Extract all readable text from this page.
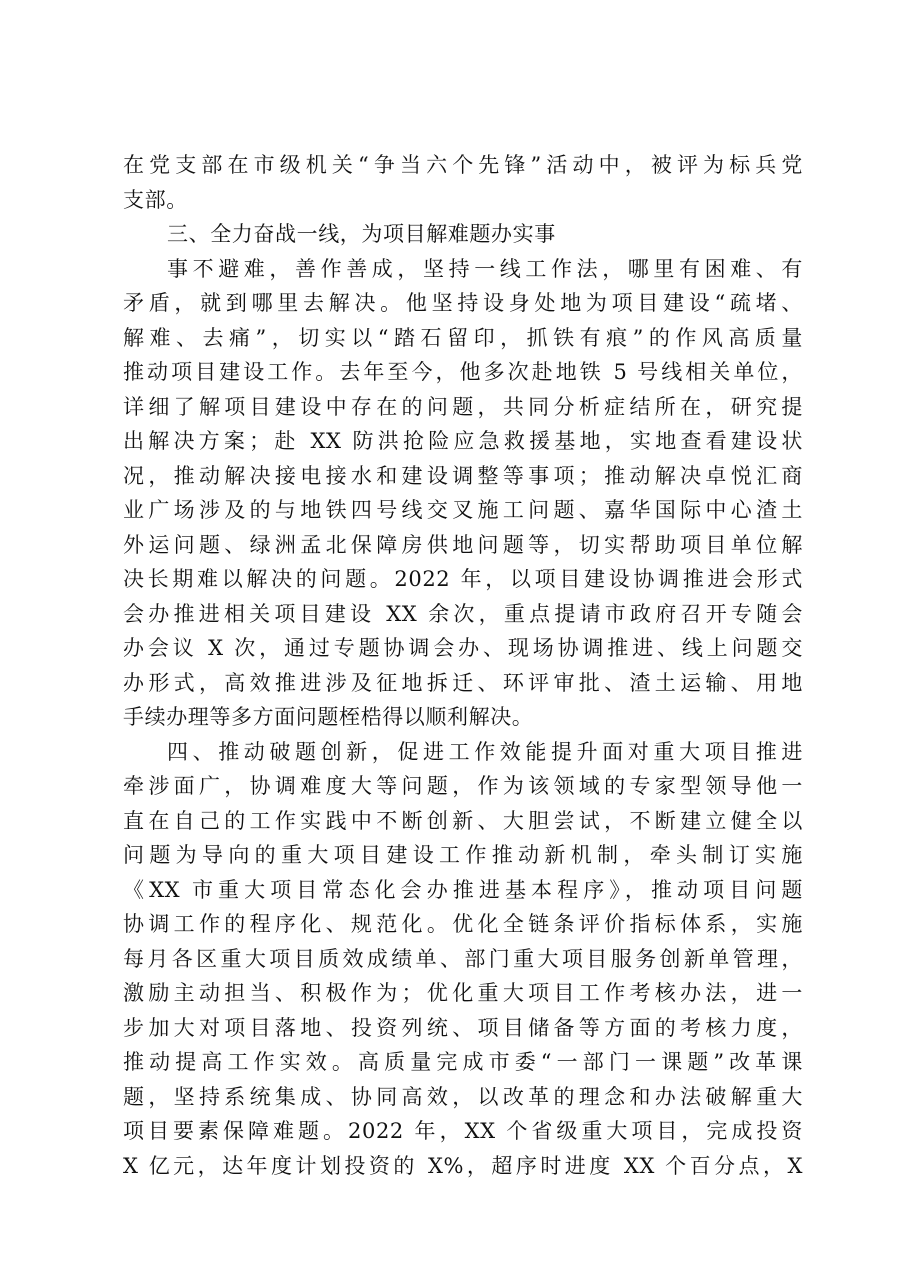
在党支部在市级机关“争当六个先锋”活动中，被评为标兵党
支部。
三、全力奋战一线，为项目解难题办实事
事不避难，善作善成，坚持一线工作法，哪里有困难、有
矛盾，就到哪里去解决。他坚持设身处地为项目建设“疏堵、
解难、去痛”，切实以“踏石留印，抓铁有痕”的作风高质量
推动项目建设工作。去年至今，他多次赴地铁 5 号线相关单位，
详细了解项目建设中存在的问题，共同分析症结所在，研究提
出解决方案；赴 XX 防洪抢险应急救援基地，实地查看建设状
况，推动解决接电接水和建设调整等事项；推动解决卓悦汇商
业广场涉及的与地铁四号线交叉施工问题、嘉华国际中心渣土
外运问题、绿洲孟北保障房供地问题等，切实帮助项目单位解
决长期难以解决的问题。2022 年，以项目建设协调推进会形式
会办推进相关项目建设 XX 余次，重点提请市政府召开专随会
办会议 X 次，通过专题协调会办、现场协调推进、线上问题交
办形式，高效推进涉及征地拆迁、环评审批、渣土运输、用地
手续办理等多方面问题桎梏得以顺利解决。
四、推动破题创新，促进工作效能提升面对重大项目推进
牵涉面广，协调难度大等问题，作为该领域的专家型领导他一
直在自己的工作实践中不断创新、大胆尝试，不断建立健全以
问题为导向的重大项目建设工作推动新机制，牵头制订实施
《XX 市重大项目常态化会办推进基本程序》，推动项目问题
协调工作的程序化、规范化。优化全链条评价指标体系，实施
每月各区重大项目质效成绩单、部门重大项目服务创新单管理，
激励主动担当、积极作为；优化重大项目工作考核办法，进一
步加大对项目落地、投资列统、项目储备等方面的考核力度，
推动提高工作实效。高质量完成市委“一部门一课题”改革课
题，坚持系统集成、协同高效，以改革的理念和办法破解重大
项目要素保障难题。2022 年，XX 个省级重大项目，完成投资
X 亿元，达年度计划投资的 X%，超序时进度 XX 个百分点，X
